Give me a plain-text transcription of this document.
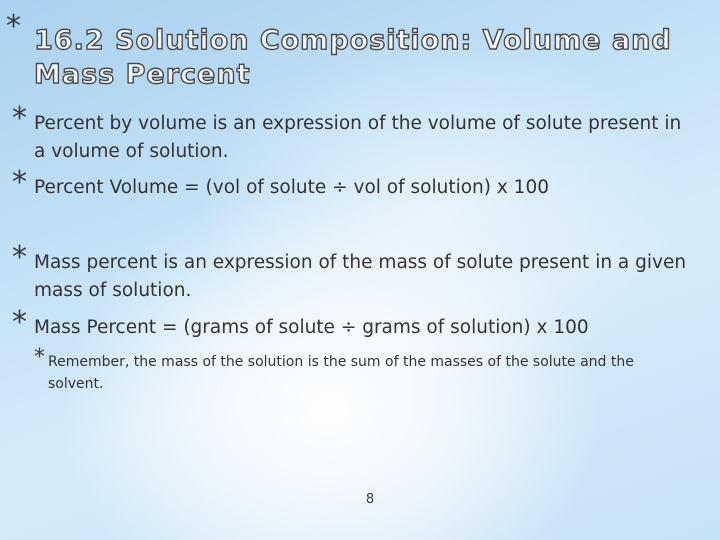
* 16.2 Solution Composition: Volume and Mass Percent
* Percent by volume is an expression of the volume of solute present in a volume of solution.
* Percent Volume = (vol of solute ÷ vol of solution) x 100
* Mass percent is an expression of the mass of solute present in a given mass of solution.
* Mass Percent = (grams of solute ÷ grams of solution) x 100
* Remember, the mass of the solution is the sum of the masses of the solute and the solvent.
8
